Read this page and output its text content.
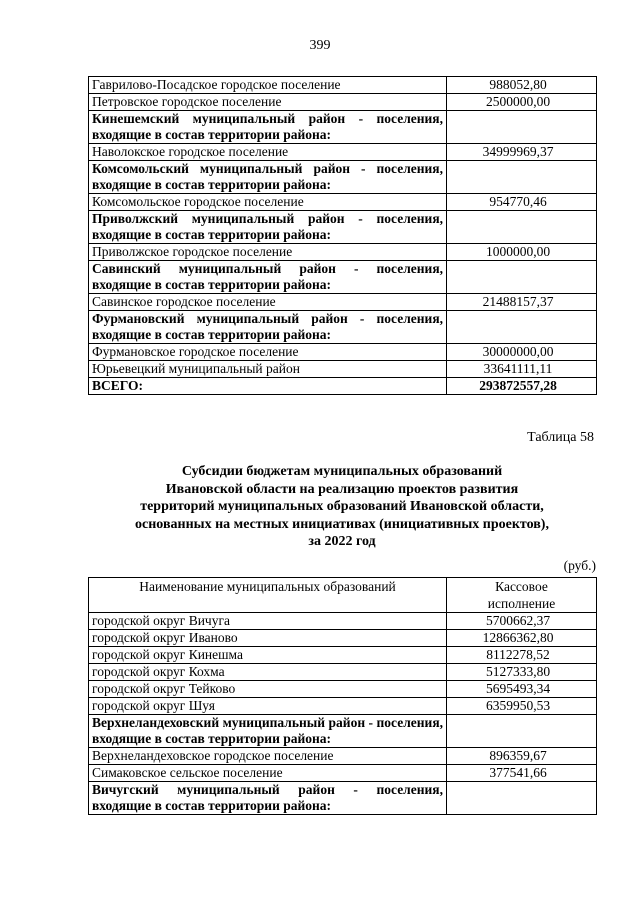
399
Гаврилово-Посадское городское поселение	988052,80
Петровское городское поселение	2500000,00
Кинешемский муниципальный район - поселения, входящие в состав территории района:	
Наволокское городское поселение	34999969,37
Комсомольский муниципальный район - поселения, входящие в состав территории района:	
Комсомольское городское поселение	954770,46
Приволжский муниципальный район - поселения, входящие в состав территории района:	
Приволжское городское поселение	1000000,00
Савинский муниципальный район - поселения, входящие в состав территории района:	
Савинское городское поселение	21488157,37
Фурмановский муниципальный район - поселения, входящие в состав территории района:	
Фурмановское городское поселение	30000000,00
Юрьевецкий муниципальный район	33641111,11
ВСЕГО:	293872557,28
Таблица 58
Субсидии бюджетам муниципальных образований
Ивановской области на реализацию проектов развития
территорий муниципальных образований Ивановской области,
основанных на местных инициативах (инициативных проектов),
за 2022 год
(руб.)
Наименование муниципальных образований	Кассовое исполнение
городской округ Вичуга	5700662,37
городской округ Иваново	12866362,80
городской округ Кинешма	8112278,52
городской округ Кохма	5127333,80
городской округ Тейково	5695493,34
городской округ Шуя	6359950,53
Верхнеландеховский муниципальный район - поселения, входящие в состав территории района:	
Верхнеландеховское городское поселение	896359,67
Симаковское сельское поселение	377541,66
Вичугский муниципальный район - поселения, входящие в состав территории района:	
